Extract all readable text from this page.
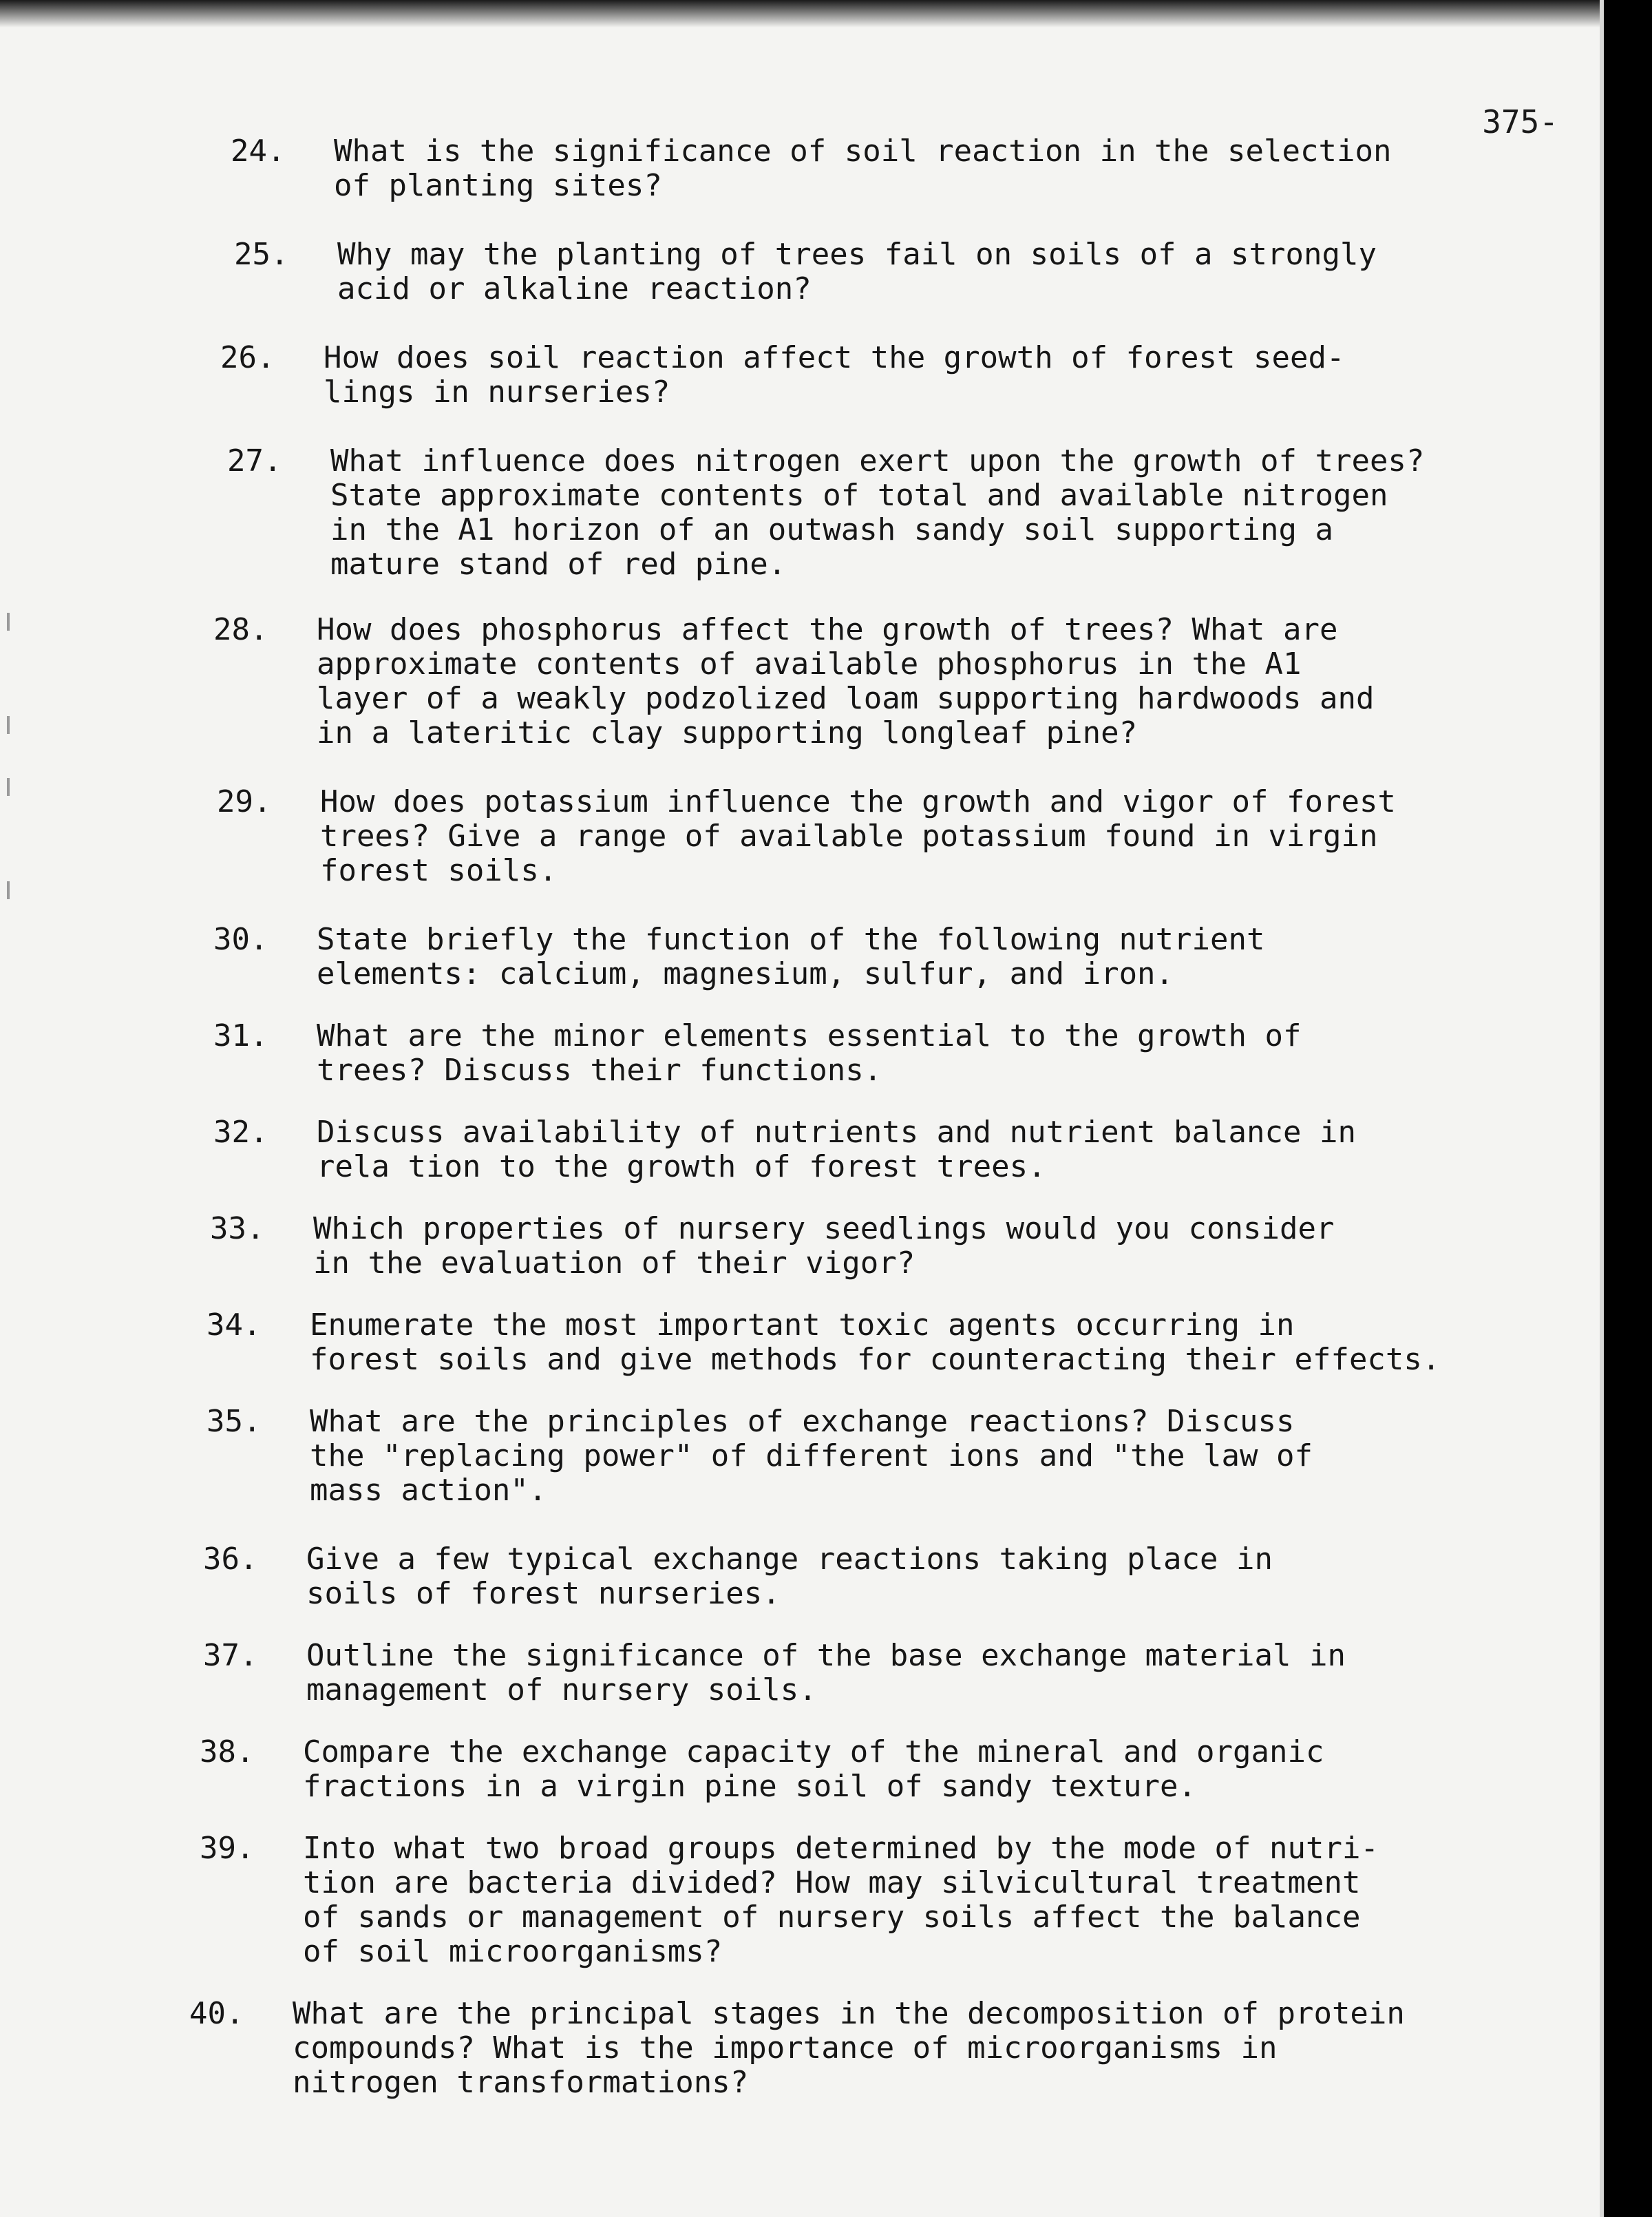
375-
24. What is the significance of soil reaction in the selection
of planting sites?

25. Why may the planting of trees fail on soils of a strongly
acid or alkaline reaction?

26. How does soil reaction affect the growth of forest seed-
lings in nurseries?

27. What influence does nitrogen exert upon the growth of trees?
State approximate contents of total and available nitrogen
in the A1 horizon of an outwash sandy soil supporting a
mature stand of red pine.

28. How does phosphorus affect the growth of trees? What are
approximate contents of available phosphorus in the A1
layer of a weakly podzolized loam supporting hardwoods and
in a lateritic clay supporting longleaf pine?

29. How does potassium influence the growth and vigor of forest
trees? Give a range of available potassium found in virgin
forest soils.

30. State briefly the function of the following nutrient
elements: calcium, magnesium, sulfur, and iron.

31. What are the minor elements essential to the growth of
trees? Discuss their functions.

32. Discuss availability of nutrients and nutrient balance in
rela tion to the growth of forest trees.

33. Which properties of nursery seedlings would you consider
in the evaluation of their vigor?

34. Enumerate the most important toxic agents occurring in
forest soils and give methods for counteracting their effects.

35. What are the principles of exchange reactions? Discuss
the "replacing power" of different ions and "the law of
mass action".

36. Give a few typical exchange reactions taking place in
soils of forest nurseries.

37. Outline the significance of the base exchange material in
management of nursery soils.

38. Compare the exchange capacity of the mineral and organic
fractions in a virgin pine soil of sandy texture.

39. Into what two broad groups determined by the mode of nutri-
tion are bacteria divided? How may silvicultural treatment
of sands or management of nursery soils affect the balance
of soil microorganisms?

40. What are the principal stages in the decomposition of protein
compounds? What is the importance of microorganisms in
nitrogen transformations?
